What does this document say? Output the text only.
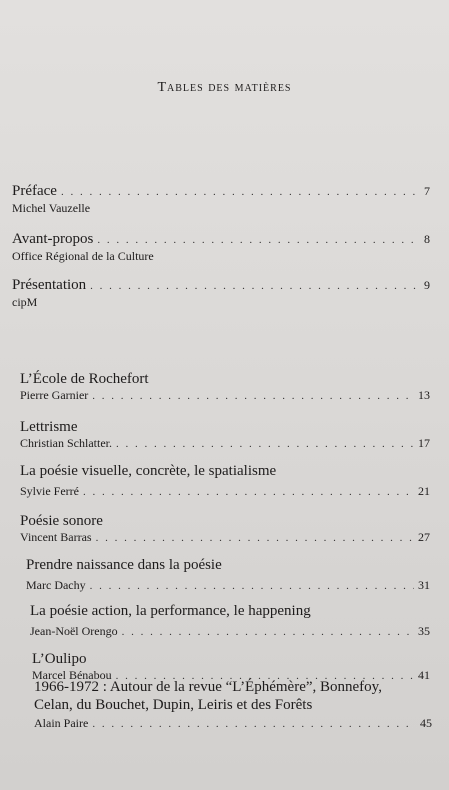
Tables des matières
Préface . . .	7
Michel Vauzelle
Avant-propos . . .	8
Office Régional de la Culture
Présentation . . .	9
cipM
L’École de Rochefort
Pierre Garnier . . .	13
Lettrisme
Christian Schlatter. . . .	17
La poésie visuelle, concrète, le spatialisme
Sylvie Ferré . . .	21
Poésie sonore
Vincent Barras . . .	27
Prendre naissance dans la poésie
Marc Dachy . . .	31
La poésie action, la performance, le happening
Jean-Noël Orengo . . .	35
L’Oulipo
Marcel Bénabou . . .	41
1966-1972 : Autour de la revue “L’Éphémère”, Bonnefoy,
Celan, du Bouchet, Dupin, Leiris et des Forêts
Alain Paire . . .	45
